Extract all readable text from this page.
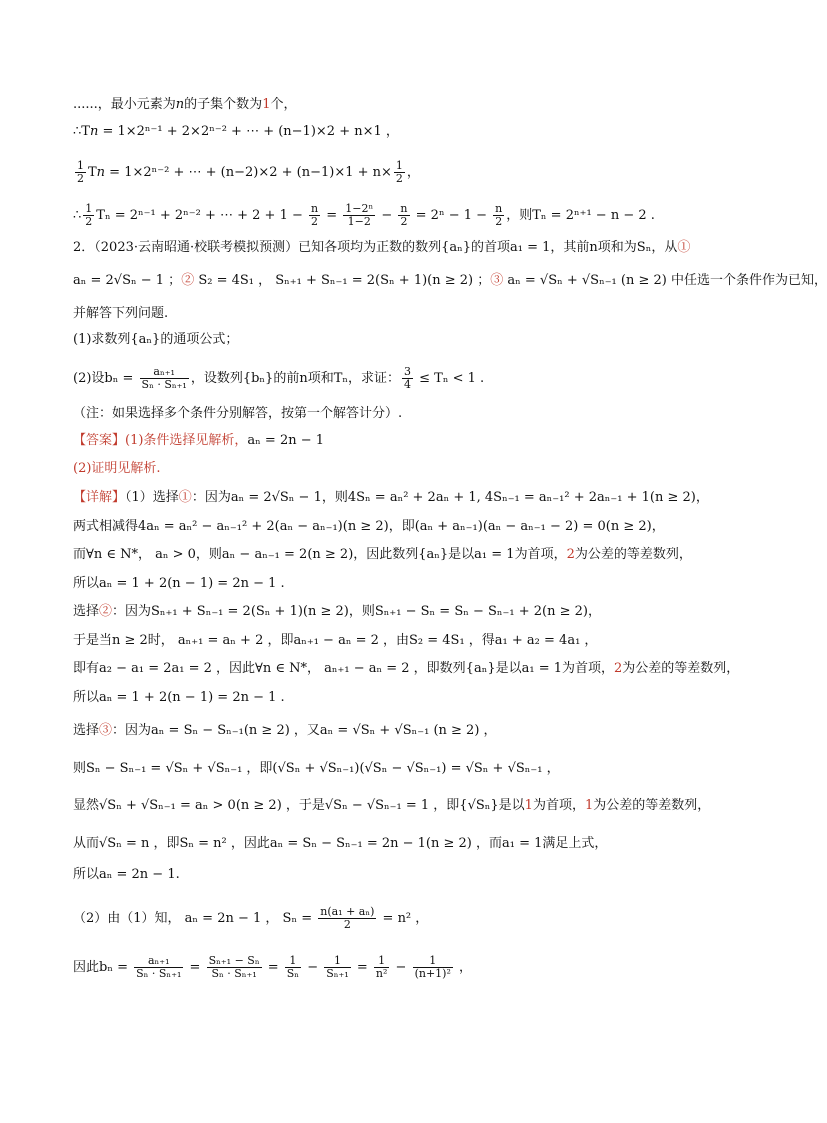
......，最小元素为n的子集个数为1个，
∴Tn = 1×2ⁿ⁻¹ + 2×2ⁿ⁻² + ⋯ + (n−1)×2 + n×1 ，
$\frac{1}{2}$ Tn = 1×2ⁿ⁻² + ⋯ + $(n-2)\times 2 + (n-1)\times 1 + n\times \frac{1}{2}$ ，
∴ $\frac{1}{2}$ Tₙ = 2ⁿ⁻¹ + 2ⁿ⁻² + ⋯ + $2 + 1 - \frac{n}{2} = \frac{\text{1−2ⁿ}}{1-2} - \frac{n}{2} = 2^n - 1 - \frac{n}{2}$ ，则Tₙ = 2ⁿ⁺¹ − n − 2 .
2．（2023·云南昭通·校联考模拟预测）已知各项均为正数的数列{aₙ}的首项a₁ = 1，其前n项和为Sₙ，从①
aₙ = 2√Sₙ − 1 ；② S₂ = 4S₁ ， Sₙ₊₁ + Sₙ₋₁ = 2(Sₙ + 1)(n ≥ 2) ；③ aₙ = √Sₙ + √Sₙ₋₁ (n ≥ 2) 中任选一个条件作为已知，
并解答下列问题.
(1)求数列{aₙ}的通项公式；
(2)设$b_n = \frac{\text{aₙ₊₁}}{\text{Sₙ · Sₙ₊₁}}$ ，设数列{bₙ}的前n项和Tₙ，求证： $\frac{3}{4} \le T_n < 1$ .
（注：如果选择多个条件分别解答，按第一个解答计分）.
【答案】(1)条件选择见解析，aₙ = 2n − 1
(2)证明见解析.
【详解】（1）选择①：因为aₙ = 2√Sₙ − 1，则4Sₙ = aₙ² + 2aₙ + 1, 4Sₙ₋₁ = aₙ₋₁² + 2aₙ₋₁ + 1(n ≥ 2)，
两式相减得4aₙ = aₙ² − aₙ₋₁² + 2(aₙ − aₙ₋₁)(n ≥ 2)，即(aₙ + aₙ₋₁)(aₙ − aₙ₋₁ − 2) = 0(n ≥ 2)，
而∀n ∈ N*， aₙ > 0，则aₙ − aₙ₋₁ = 2(n ≥ 2)，因此数列{aₙ}是以a₁ = 1为首项，2为公差的等差数列，
所以aₙ = 1 + 2(n − 1) = 2n − 1 .
选择②：因为Sₙ₊₁ + Sₙ₋₁ = 2(Sₙ + 1)(n ≥ 2)，则Sₙ₊₁ − Sₙ = Sₙ − Sₙ₋₁ + 2(n ≥ 2)，
于是当n ≥ 2时， aₙ₊₁ = aₙ + 2 ，即aₙ₊₁ − aₙ = 2 ，由S₂ = 4S₁ ，得a₁ + a₂ = 4a₁ ，
即有a₂ − a₁ = 2a₁ = 2 ，因此∀n ∈ N*， aₙ₊₁ − aₙ = 2 ，即数列{aₙ}是以a₁ = 1为首项，2为公差的等差数列，
所以aₙ = 1 + 2(n − 1) = 2n − 1 .
选择③：因为aₙ = Sₙ − Sₙ₋₁(n ≥ 2) ，又aₙ = √Sₙ + √Sₙ₋₁ (n ≥ 2) ，
则Sₙ − Sₙ₋₁ = √Sₙ + √Sₙ₋₁ ，即(√Sₙ + √Sₙ₋₁)(√Sₙ − √Sₙ₋₁) = √Sₙ + √Sₙ₋₁ ，
显然√Sₙ + √Sₙ₋₁ = aₙ > 0(n ≥ 2) ，于是√Sₙ − √Sₙ₋₁ = 1 ，即{√Sₙ}是以1为首项，1为公差的等差数列，
从而√Sₙ = n ，即Sₙ = n² ，因此aₙ = Sₙ − Sₙ₋₁ = 2n − 1(n ≥ 2) ，而a₁ = 1满足上式，
所以aₙ = 2n − 1.
（2）由（1）知， aₙ = 2n − 1 ， $S_n = \frac{\text{n(a₁ + aₙ)}}{2} = n^2$ ，
因此$b_n = \frac{\text{aₙ₊₁}}{\text{Sₙ · Sₙ₊₁}} = \frac{\text{Sₙ₊₁ − Sₙ}}{\text{Sₙ · Sₙ₊₁}} = \frac{1}{\text{Sₙ}} - \frac{1}{\text{Sₙ₊₁}} = \frac{1}{\text{n²}} - \frac{1}{\text{(n+1)²}}$ ，
